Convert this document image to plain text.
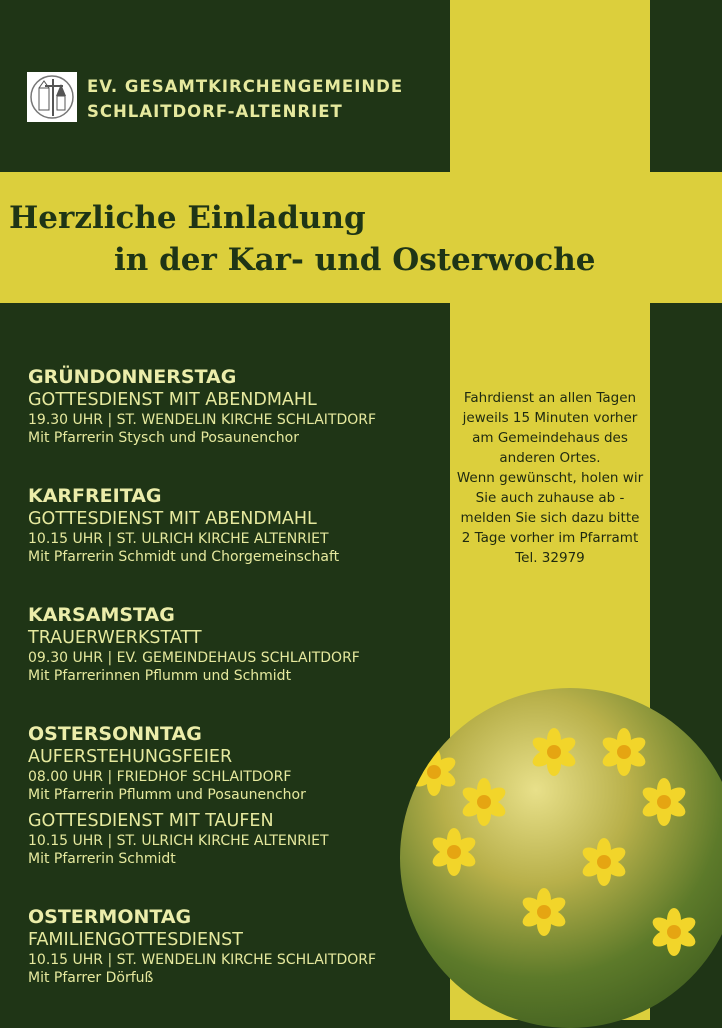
EV. GESAMTKIRCHENGEMEINDE
SCHLAITDORF-ALTENRIET
Herzliche Einladung
in der Kar- und Osterwoche
GRÜNDONNERSTAG
GOTTESDIENST MIT ABENDMAHL
19.30 UHR | ST. WENDELIN KIRCHE SCHLAITDORF
Mit Pfarrerin Stysch und Posaunenchor
KARFREITAG
GOTTESDIENST MIT ABENDMAHL
10.15 UHR | ST. ULRICH KIRCHE ALTENRIET
Mit Pfarrerin Schmidt und Chorgemeinschaft
KARSAMSTAG
TRAUERWERKSTATT
09.30 UHR | EV. GEMEINDEHAUS SCHLAITDORF
Mit Pfarrerinnen Pflumm und Schmidt
OSTERSONNTAG
AUFERSTEHUNGSFEIER
08.00 UHR | FRIEDHOF SCHLAITDORF
Mit Pfarrerin Pflumm und Posaunenchor
GOTTESDIENST MIT TAUFEN
10.15 UHR | ST. ULRICH KIRCHE ALTENRIET
Mit Pfarrerin Schmidt
OSTERMONTAG
FAMILIENGOTTESDIENST
10.15 UHR | ST. WENDELIN KIRCHE SCHLAITDORF
Mit Pfarrer Dörfuß
Fahrdienst an allen Tagen
jeweils 15 Minuten vorher
am Gemeindehaus des
anderen Ortes.
Wenn gewünscht, holen wir
Sie auch zuhause ab -
melden Sie sich dazu bitte
2 Tage vorher im Pfarramt
Tel. 32979
